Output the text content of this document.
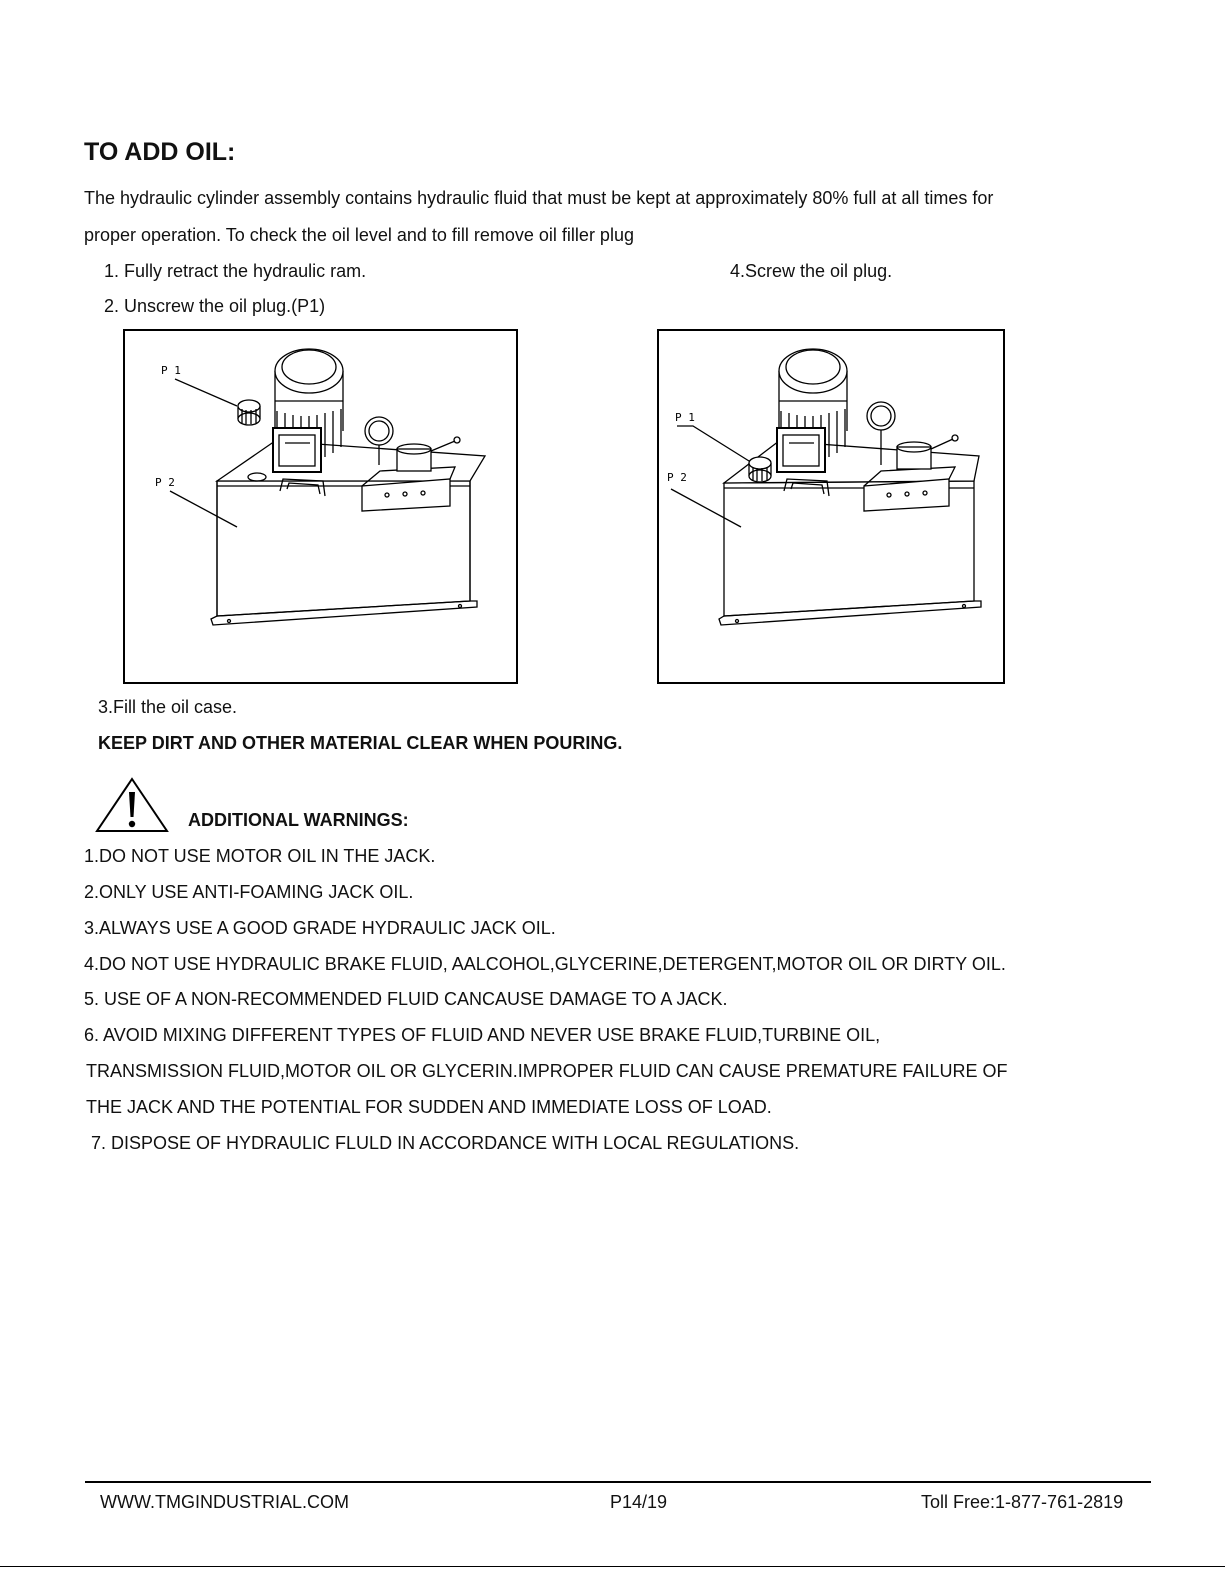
TO ADD OIL:
The hydraulic cylinder assembly contains hydraulic fluid that must be kept at approximately 80% full at all times for
proper operation. To check the oil level and to fill remove oil filler plug
1. Fully retract the hydraulic ram.	4.Screw the oil plug.
2. Unscrew the oil plug.(P1)
P 1
P 2
P 1
P 2
3.Fill the oil case.
KEEP DIRT AND OTHER MATERIAL CLEAR WHEN POURING.
ADDITIONAL WARNINGS:
1.DO NOT USE MOTOR OIL IN THE JACK.
2.ONLY USE ANTI-FOAMING JACK OIL.
3.ALWAYS USE A GOOD GRADE HYDRAULIC JACK OIL.
4.DO NOT USE HYDRAULIC BRAKE FLUID, AALCOHOL,GLYCERINE,DETERGENT,MOTOR OIL OR DIRTY OIL.
5. USE OF A NON-RECOMMENDED FLUID CANCAUSE DAMAGE TO A JACK.
6. AVOID MIXING DIFFERENT TYPES OF FLUID AND NEVER USE BRAKE FLUID,TURBINE OIL,
TRANSMISSION FLUID,MOTOR OIL OR GLYCERIN.IMPROPER FLUID CAN CAUSE PREMATURE FAILURE OF
THE JACK AND THE POTENTIAL FOR SUDDEN AND IMMEDIATE LOSS OF LOAD.
7. DISPOSE OF HYDRAULIC FLULD IN ACCORDANCE WITH LOCAL REGULATIONS.
WWW.TMGINDUSTRIAL.COM	P14/19	Toll Free:1-877-761-2819
